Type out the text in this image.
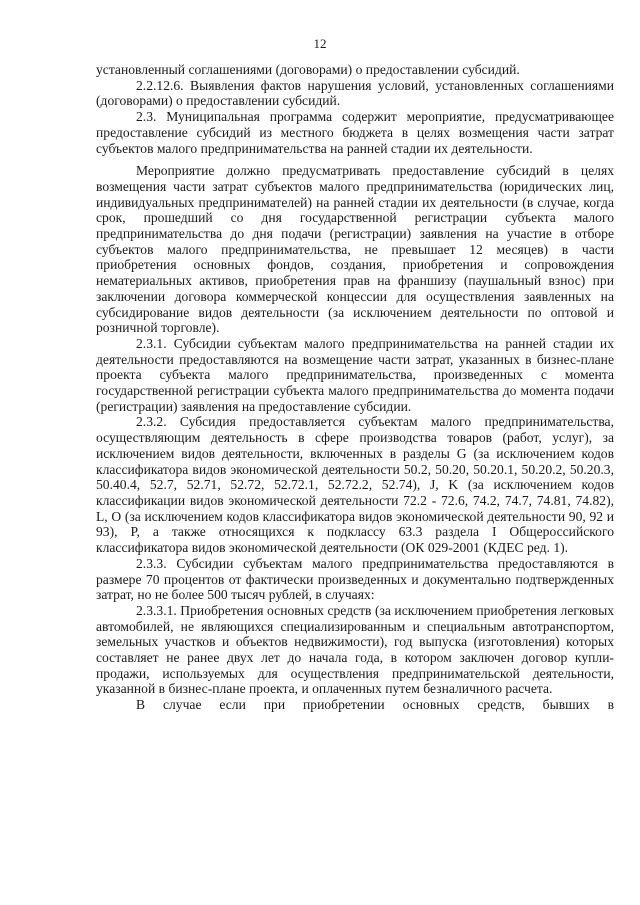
12

установленный соглашениями (договорами) о предоставлении субсидий.

2.2.12.6. Выявления фактов нарушения условий, установленных соглашениями (договорами) о предоставлении субсидий.

2.3. Муниципальная программа содержит мероприятие, предусматривающее предоставление субсидий из местного бюджета в целях возмещения части затрат субъектов малого предпринимательства на ранней стадии их деятельности.

Мероприятие должно предусматривать предоставление субсидий в целях возмещения части затрат субъектов малого предпринимательства (юридических лиц, индивидуальных предпринимателей) на ранней стадии их деятельности (в случае, когда срок, прошедший со дня государственной регистрации субъекта малого предпринимательства до дня подачи (регистрации) заявления на участие в отборе субъектов малого предпринимательства, не превышает 12 месяцев) в части приобретения основных фондов, создания, приобретения и сопровождения нематериальных активов, приобретения прав на франшизу (паушальный взнос) при заключении договора коммерческой концессии для осуществления заявленных на субсидирование видов деятельности (за исключением деятельности по оптовой и розничной торговле).

2.3.1. Субсидии субъектам малого предпринимательства на ранней стадии их деятельности предоставляются на возмещение части затрат, указанных в бизнес-плане проекта субъекта малого предпринимательства, произведенных с момента государственной регистрации субъекта малого предпринимательства до момента подачи (регистрации) заявления на предоставление субсидии.

2.3.2. Субсидия предоставляется субъектам малого предпринимательства, осуществляющим деятельность в сфере производства товаров (работ, услуг), за исключением видов деятельности, включенных в разделы G (за исключением кодов классификатора видов экономической деятельности 50.2, 50.20, 50.20.1, 50.20.2, 50.20.3, 50.40.4, 52.7, 52.71, 52.72, 52.72.1, 52.72.2, 52.74), J, K (за исключением кодов классификации видов экономической деятельности 72.2 - 72.6, 74.2, 74.7, 74.81, 74.82), L, O (за исключением кодов классификатора видов экономической деятельности 90, 92 и 93), P, а также относящихся к подклассу 63.3 раздела I Общероссийского классификатора видов экономической деятельности (ОК 029-2001 (КДЕС ред. 1).

2.3.3. Субсидии субъектам малого предпринимательства предоставляются в размере 70 процентов от фактически произведенных и документально подтвержденных затрат, но не более 500 тысяч рублей, в случаях:

2.3.3.1. Приобретения основных средств (за исключением приобретения легковых автомобилей, не являющихся специализированным и специальным автотранспортом, земельных участков и объектов недвижимости), год выпуска (изготовления) которых составляет не ранее двух лет до начала года, в котором заключен договор купли-продажи, используемых для осуществления предпринимательской деятельности, указанной в бизнес-плане проекта, и оплаченных путем безналичного расчета.

В случае если при приобретении основных средств, бывших в
